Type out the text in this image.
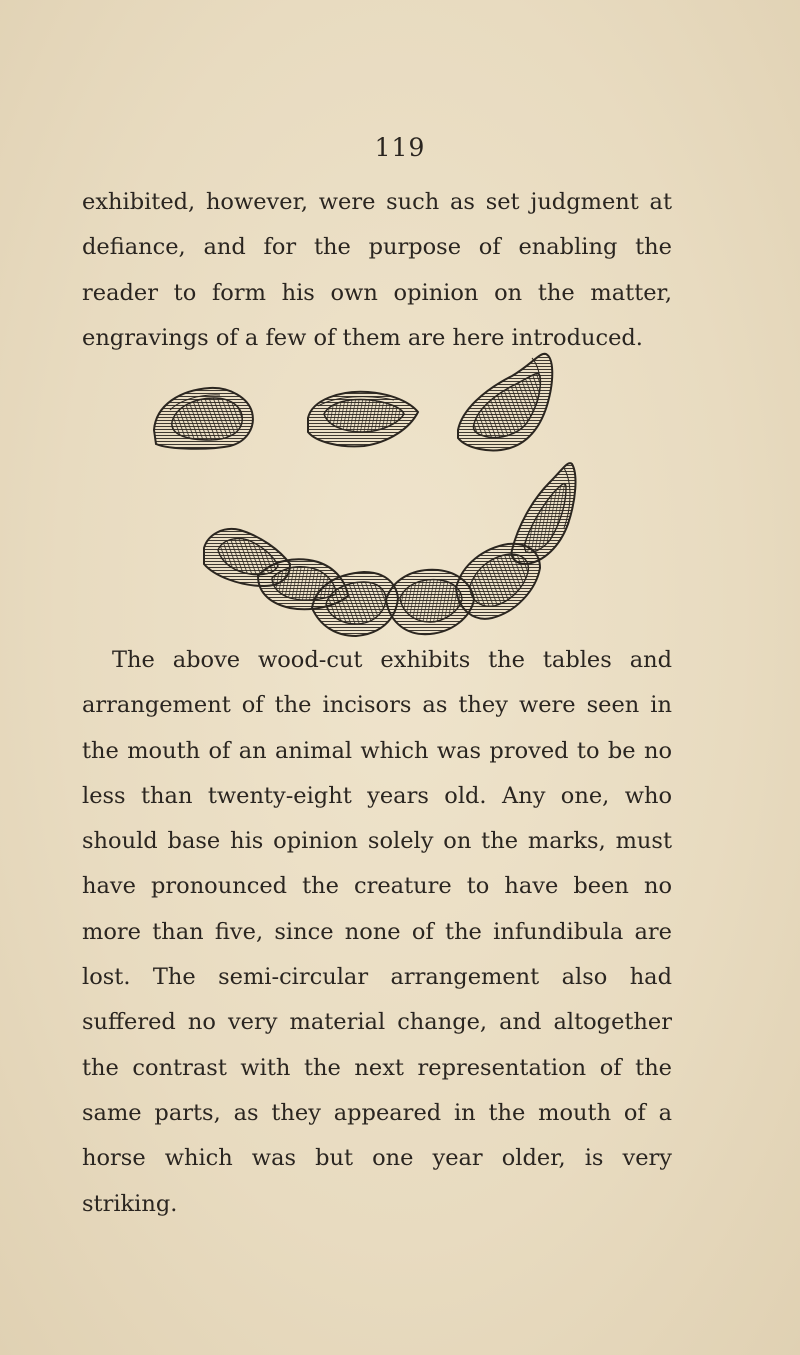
119

exhibited, however, were such as set judgment at defiance, and for the purpose of enabling the reader to form his own opinion on the matter, engravings of a few of them are here introduced.

The above wood-cut exhibits the tables and arrangement of the incisors as they were seen in the mouth of an animal which was proved to be no less than twenty-eight years old. Any one, who should base his opinion solely on the marks, must have pronounced the creature to have been no more than five, since none of the infundibula are lost. The semi-circular arrangement also had suffered no very material change, and altogether the contrast with the next representation of the same parts, as they appeared in the mouth of a horse which was but one year older, is very striking.
